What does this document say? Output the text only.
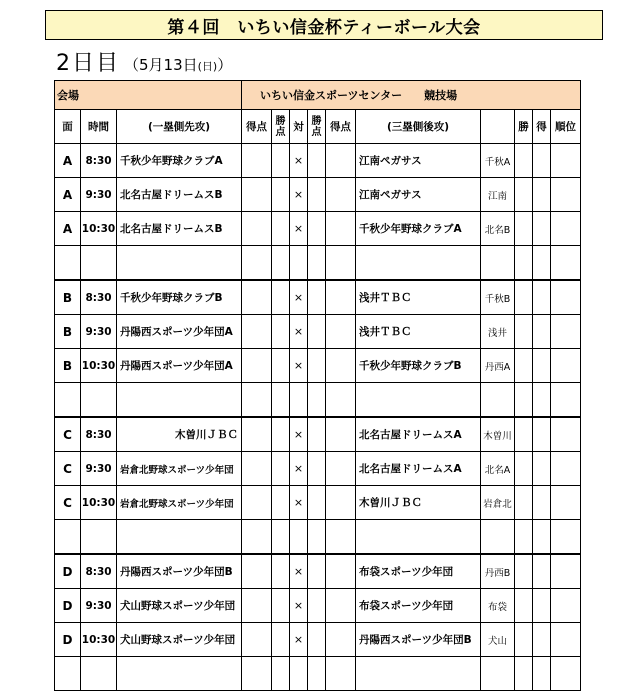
第４回　いちい信金杯ティーボール大会
2日目 （5月13日(日)）
会場			いちい信金スポーツセンター　　競技場									
面	時間	(一塁側先攻)	得点	勝点	対	勝点	得点	(三塁側後攻)		勝	得	順位
A	8:30	千秋少年野球クラブA			×			江南ペガサス	千秋A			
A	9:30	北名古屋ドリームスB			×			江南ペガサス	江南			
A	10:30	北名古屋ドリームスB			×			千秋少年野球クラブA	北名B			

B	8:30	千秋少年野球クラブB			×			浅井ＴＢＣ	千秋B			
B	9:30	丹陽西スポーツ少年団A			×			浅井ＴＢＣ	浅井			
B	10:30	丹陽西スポーツ少年団A			×			千秋少年野球クラブB	丹西A			

C	8:30	木曽川ＪＢＣ			×			北名古屋ドリームスA	木曽川			
C	9:30	岩倉北野球スポーツ少年団			×			北名古屋ドリームスA	北名A			
C	10:30	岩倉北野球スポーツ少年団			×			木曽川ＪＢＣ	岩倉北			

D	8:30	丹陽西スポーツ少年団B			×			布袋スポーツ少年団	丹西B			
D	9:30	犬山野球スポーツ少年団			×			布袋スポーツ少年団	布袋			
D	10:30	犬山野球スポーツ少年団			×			丹陽西スポーツ少年団B	犬山			
